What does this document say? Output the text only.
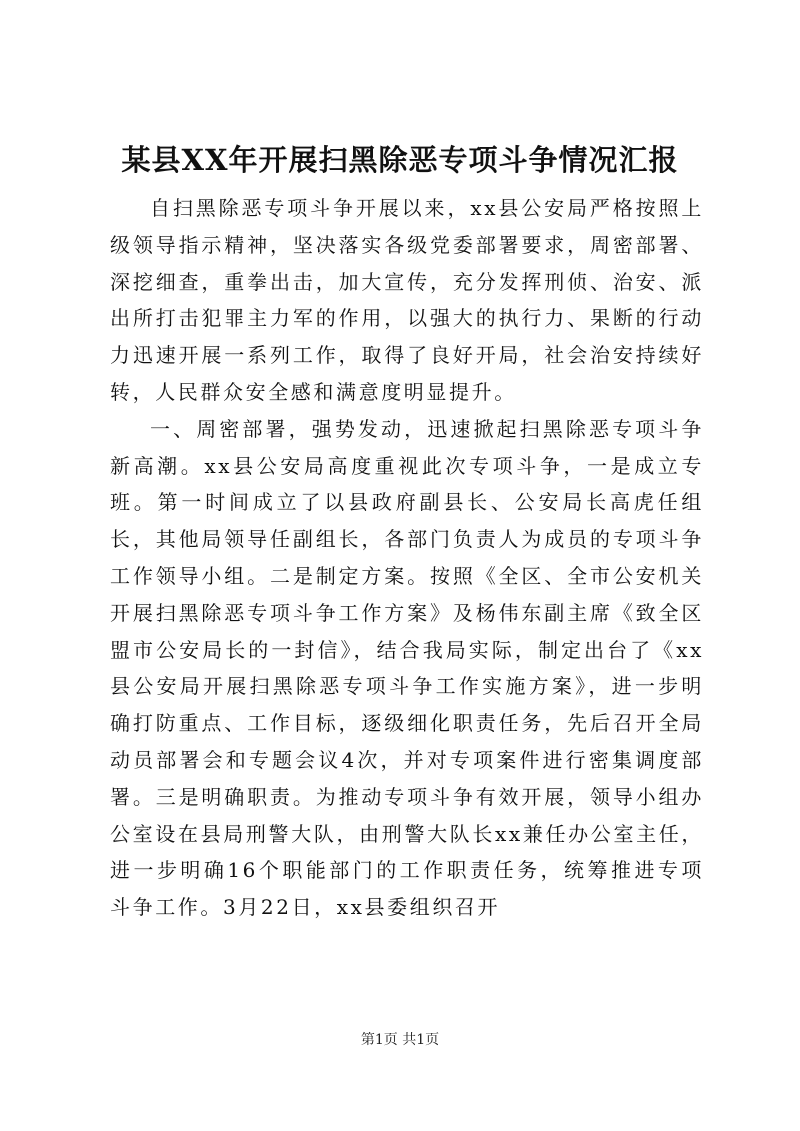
某县XX年开展扫黑除恶专项斗争情况汇报

自扫黑除恶专项斗争开展以来，xx县公安局严格按照上级领导指示精神，坚决落实各级党委部署要求，周密部署、深挖细查，重拳出击，加大宣传，充分发挥刑侦、治安、派出所打击犯罪主力军的作用，以强大的执行力、果断的行动力迅速开展一系列工作，取得了良好开局，社会治安持续好转，人民群众安全感和满意度明显提升。

一、周密部署，强势发动，迅速掀起扫黑除恶专项斗争新高潮。xx县公安局高度重视此次专项斗争，一是成立专班。第一时间成立了以县政府副县长、公安局长高虎任组长，其他局领导任副组长，各部门负责人为成员的专项斗争工作领导小组。二是制定方案。按照《全区、全市公安机关开展扫黑除恶专项斗争工作方案》及杨伟东副主席《致全区盟市公安局长的一封信》，结合我局实际，制定出台了《xx县公安局开展扫黑除恶专项斗争工作实施方案》，进一步明确打防重点、工作目标，逐级细化职责任务，先后召开全局动员部署会和专题会议4次，并对专项案件进行密集调度部署。三是明确职责。为推动专项斗争有效开展，领导小组办公室设在县局刑警大队，由刑警大队长xx兼任办公室主任，进一步明确16个职能部门的工作职责任务，统筹推进专项斗争工作。3月22日，xx县委组织召开

第1页 共1页
